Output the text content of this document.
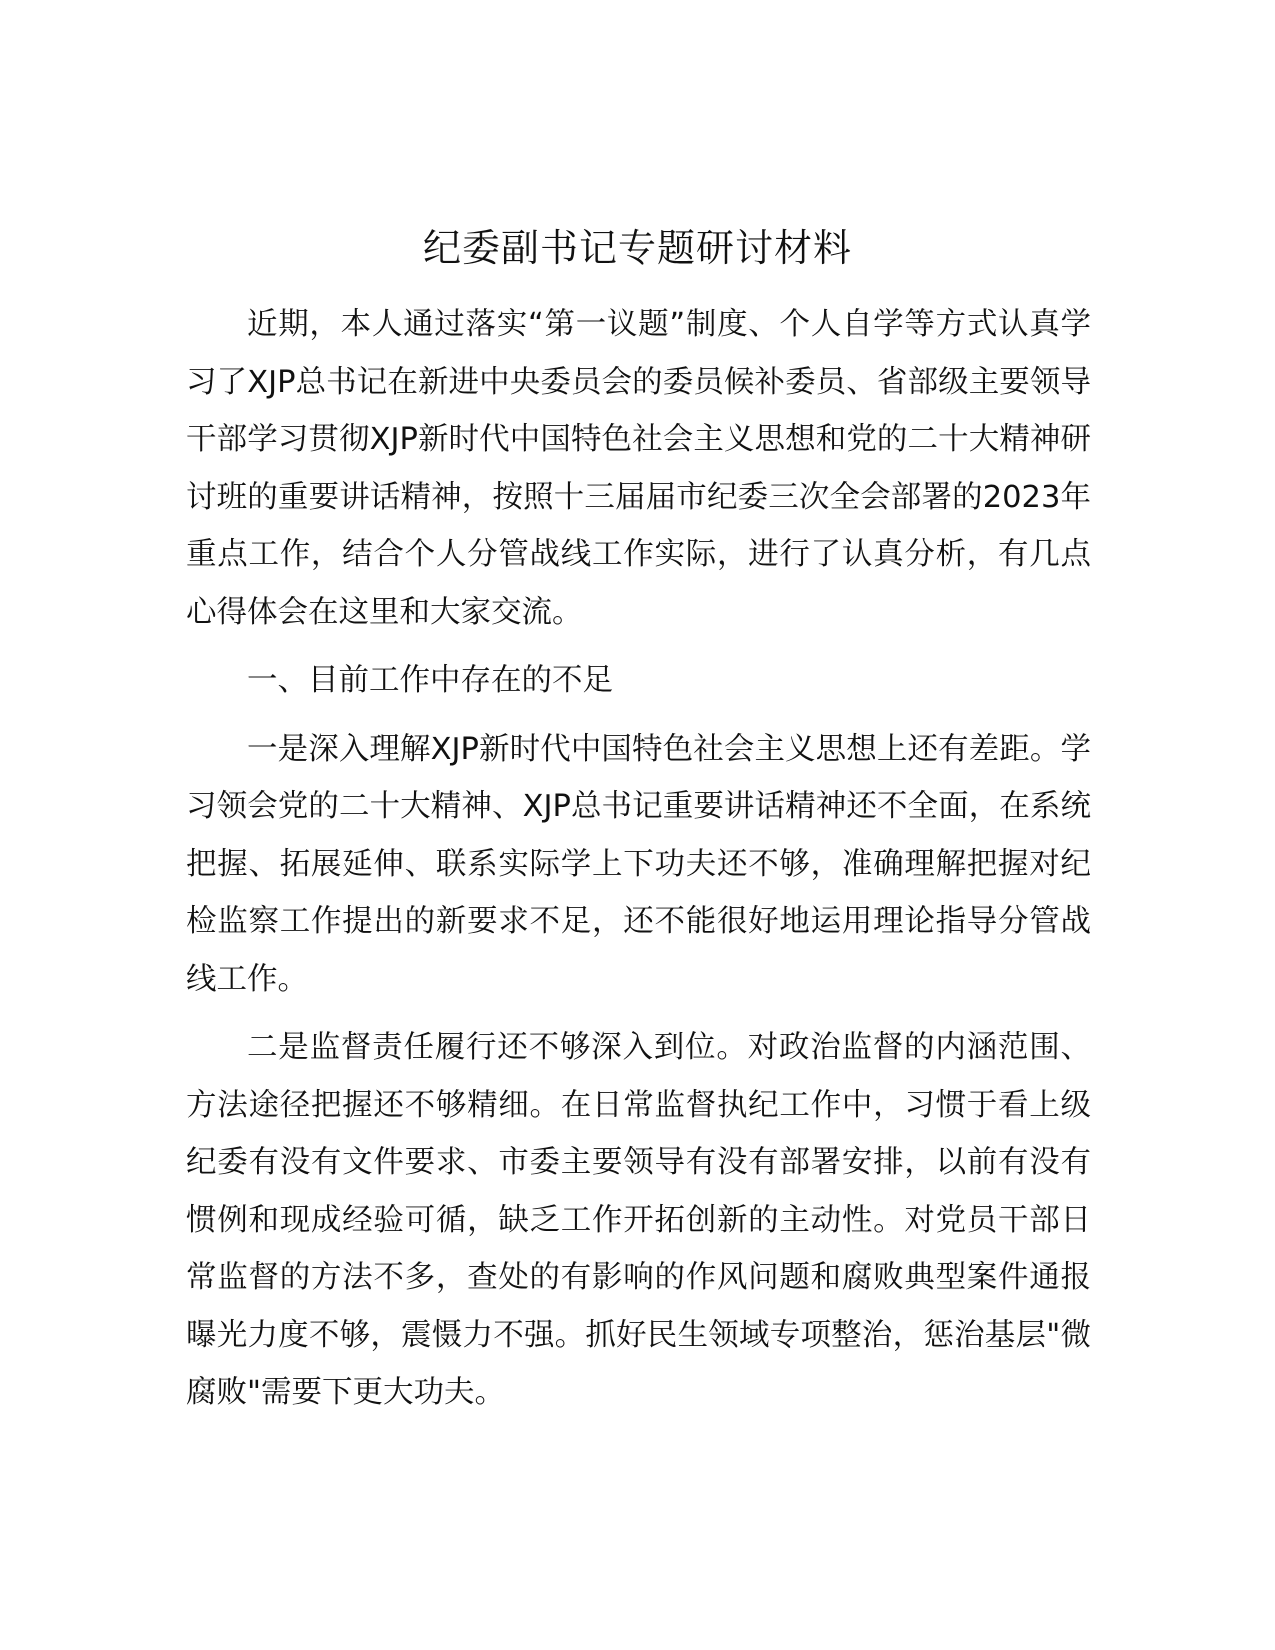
纪委副书记专题研讨材料

近期，本人通过落实“第一议题”制度、个人自学等方式认真学习了XJP总书记在新进中央委员会的委员候补委员、省部级主要领导干部学习贯彻XJP新时代中国特色社会主义思想和党的二十大精神研讨班的重要讲话精神，按照十三届届市纪委三次全会部署的2023年重点工作，结合个人分管战线工作实际，进行了认真分析，有几点心得体会在这里和大家交流。

一、目前工作中存在的不足

一是深入理解XJP新时代中国特色社会主义思想上还有差距。学习领会党的二十大精神、XJP总书记重要讲话精神还不全面，在系统把握、拓展延伸、联系实际学上下功夫还不够，准确理解把握对纪检监察工作提出的新要求不足，还不能很好地运用理论指导分管战线工作。

二是监督责任履行还不够深入到位。对政治监督的内涵范围、方法途径把握还不够精细。在日常监督执纪工作中，习惯于看上级纪委有没有文件要求、市委主要领导有没有部署安排，以前有没有惯例和现成经验可循，缺乏工作开拓创新的主动性。对党员干部日常监督的方法不多，查处的有影响的作风问题和腐败典型案件通报曝光力度不够，震慑力不强。抓好民生领域专项整治，惩治基层"微腐败"需要下更大功夫。
